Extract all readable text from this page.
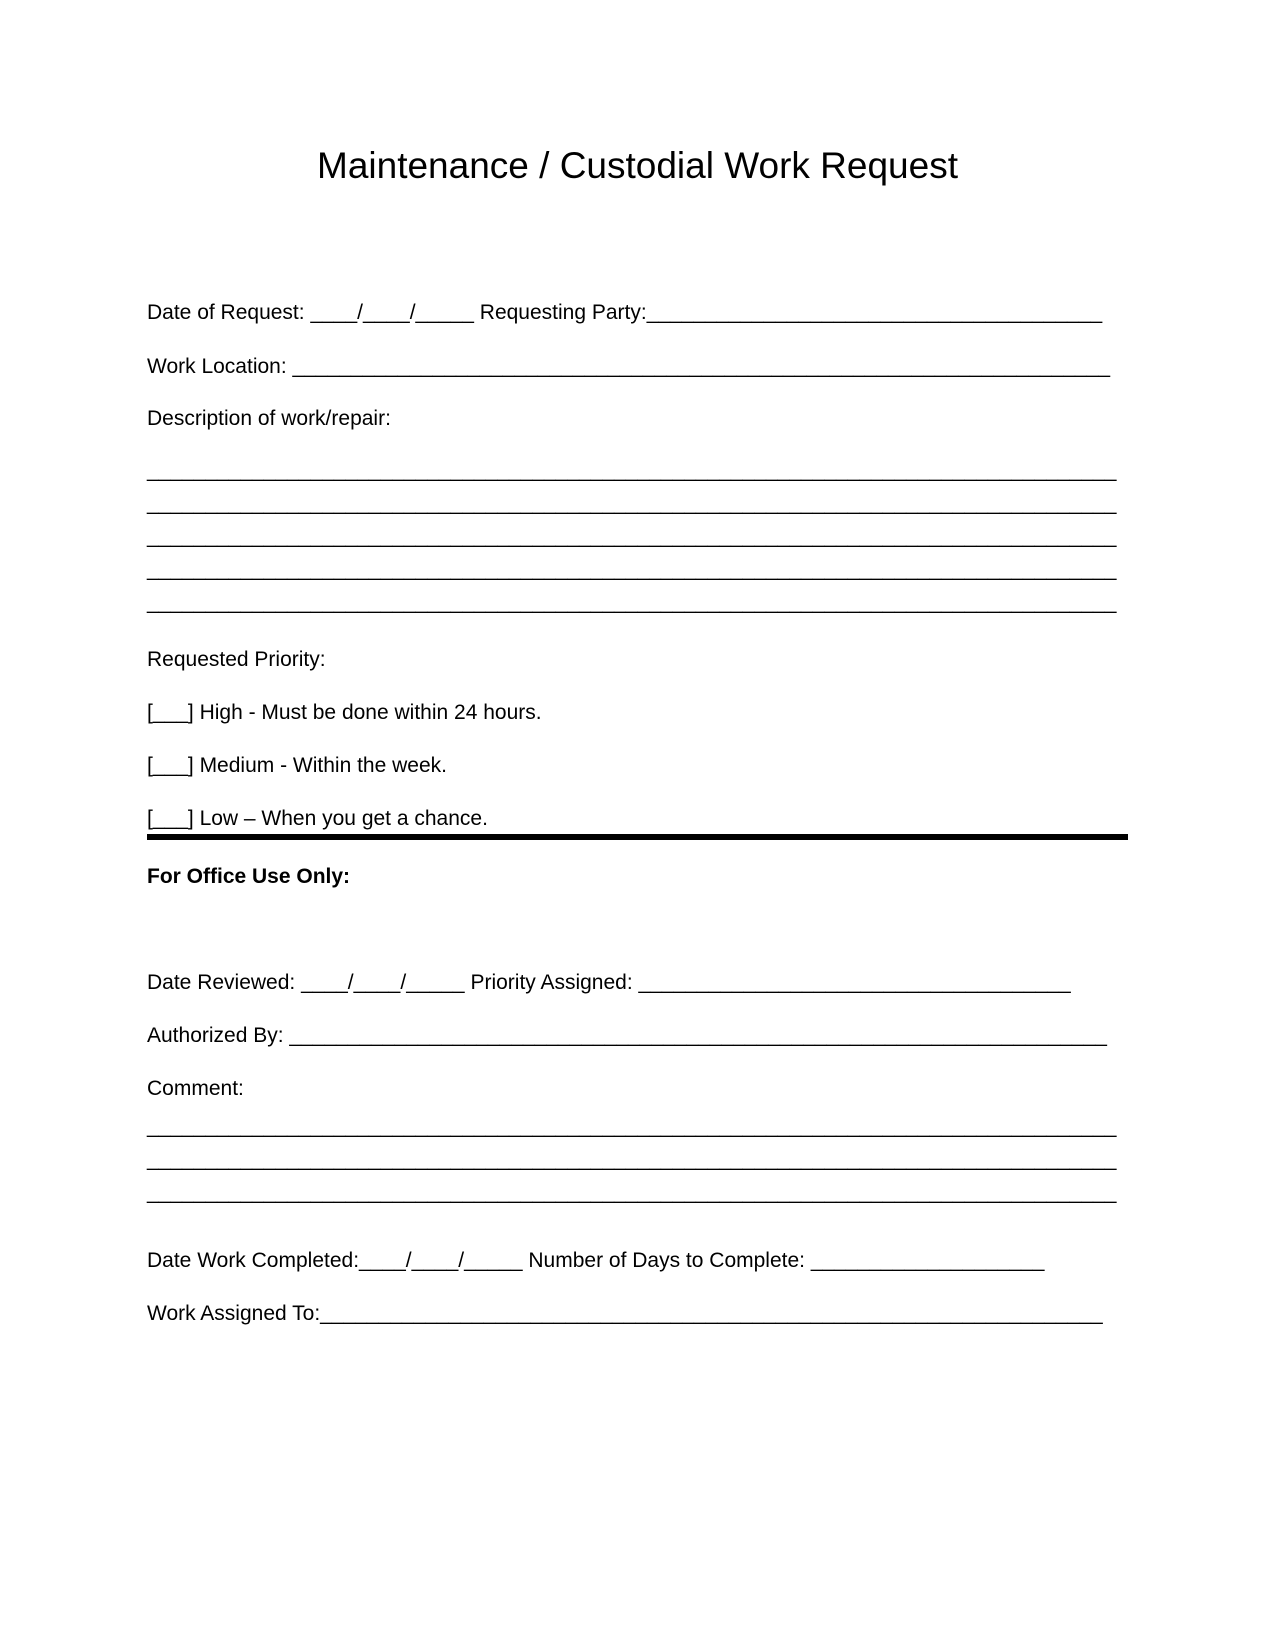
Maintenance / Custodial Work Request

Date of Request: ____/____/_____ Requesting Party:_______________________________________

Work Location: ______________________________________________________________________

Description of work/repair:

___________________________________________________________________________________

___________________________________________________________________________________

___________________________________________________________________________________

___________________________________________________________________________________

___________________________________________________________________________________

Requested Priority:

[___] High - Must be done within 24 hours.

[___] Medium - Within the week.

[___] Low – When you get a chance.

For Office Use Only:

Date Reviewed: ____/____/_____ Priority Assigned: _____________________________________

Authorized By: ______________________________________________________________________

Comment:

___________________________________________________________________________________

___________________________________________________________________________________

___________________________________________________________________________________

Date Work Completed:____/____/_____ Number of Days to Complete: ____________________

Work Assigned To:___________________________________________________________________
